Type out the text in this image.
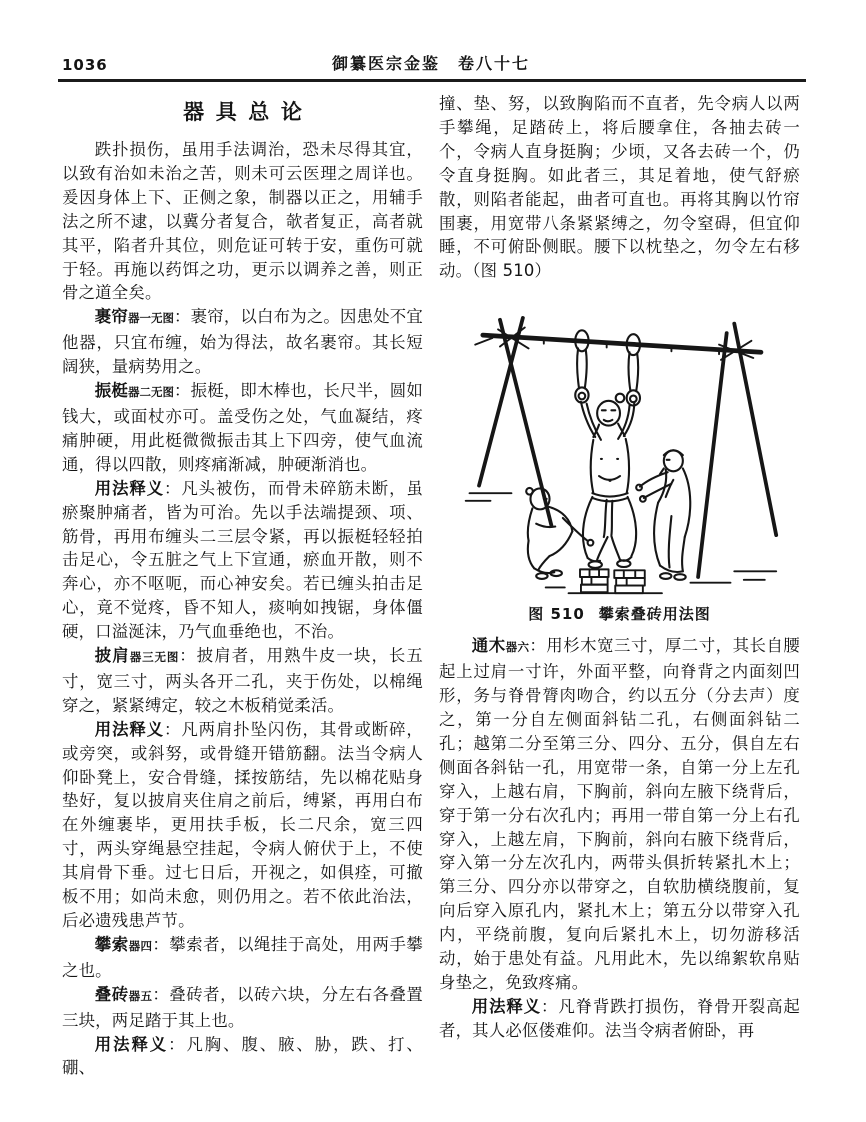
1036	御纂医宗金鉴　卷八十七
器具总论

跌扑损伤，虽用手法调治，恐未尽得其宜，以致有治如未治之苦，则未可云医理之周详也。爰因身体上下、正侧之象，制器以正之，用辅手法之所不逮，以冀分者复合，欹者复正，高者就其平，陷者升其位，则危证可转于安，重伤可就于轻。再施以药饵之功，更示以调养之善，则正骨之道全矣。

裹帘器一无图：裹帘，以白布为之。因患处不宜他器，只宜布缠，始为得法，故名裹帘。其长短阔狭，量病势用之。

振梃器二无图：振梃，即木棒也，长尺半，圆如钱大，或面杖亦可。盖受伤之处，气血凝结，疼痛肿硬，用此梃微微振击其上下四旁，使气血流通，得以四散，则疼痛渐减，肿硬渐消也。

用法释义：凡头被伤，而骨未碎筋未断，虽瘀聚肿痛者，皆为可治。先以手法端提颈、项、筋骨，再用布缠头二三层令紧，再以振梃轻轻拍击足心，令五脏之气上下宣通，瘀血开散，则不奔心，亦不呕呃，而心神安矣。若已缠头拍击足心，竟不觉疼，昏不知人，痰响如拽锯，身体僵硬，口溢涎沫，乃气血垂绝也，不治。

披肩器三无图：披肩者，用熟牛皮一块，长五寸，宽三寸，两头各开二孔，夹于伤处，以棉绳穿之，紧紧缚定，较之木板稍觉柔活。

用法释义：凡两肩扑坠闪伤，其骨或断碎，或旁突，或斜努，或骨缝开错筋翻。法当令病人仰卧凳上，安合骨缝，揉按筋结，先以棉花贴身垫好，复以披肩夹住肩之前后，缚紧，再用白布在外缠裹毕，更用扶手板，长二尺余，宽三四寸，两头穿绳悬空挂起，令病人俯伏于上，不使其肩骨下垂。过七日后，开视之，如俱痊，可撤板不用；如尚未愈，则仍用之。若不依此治法，后必遗残患芦节。

攀索器四：攀索者，以绳挂于高处，用两手攀之也。

叠砖器五：叠砖者，以砖六块，分左右各叠置三块，两足踏于其上也。

用法释义：凡胸、腹、腋、胁，跌、打、硼、

撞、垫、努，以致胸陷而不直者，先令病人以两手攀绳，足踏砖上，将后腰拿住，各抽去砖一个，令病人直身挺胸；少顷，又各去砖一个，仍令直身挺胸。如此者三，其足着地，使气舒瘀散，则陷者能起，曲者可直也。再将其胸以竹帘围裹，用宽带八条紧紧缚之，勿令窒碍，但宜仰睡，不可俯卧侧眠。腰下以枕垫之，勿令左右移动。（图 510）

图 510 攀索叠砖用法图

通木器六：用杉木宽三寸，厚二寸，其长自腰起上过肩一寸许，外面平整，向脊背之内面刻凹形，务与脊骨膂肉吻合，约以五分（分去声）度之，第一分自左侧面斜钻二孔，右侧面斜钻二孔；越第二分至第三分、四分、五分，俱自左右侧面各斜钻一孔，用宽带一条，自第一分上左孔穿入，上越右肩，下胸前，斜向左腋下绕背后，穿于第一分右次孔内；再用一带自第一分上右孔穿入，上越左肩，下胸前，斜向右腋下绕背后，穿入第一分左次孔内，两带头俱折转紧扎木上；第三分、四分亦以带穿之，自软肋横绕腹前，复向后穿入原孔内，紧扎木上；第五分以带穿入孔内，平绕前腹，复向后紧扎木上，切勿游移活动，始于患处有益。凡用此木，先以绵絮软帛贴身垫之，免致疼痛。

用法释义：凡脊背跌打损伤，脊骨开裂高起者，其人必伛偻难仰。法当令病者俯卧，再
